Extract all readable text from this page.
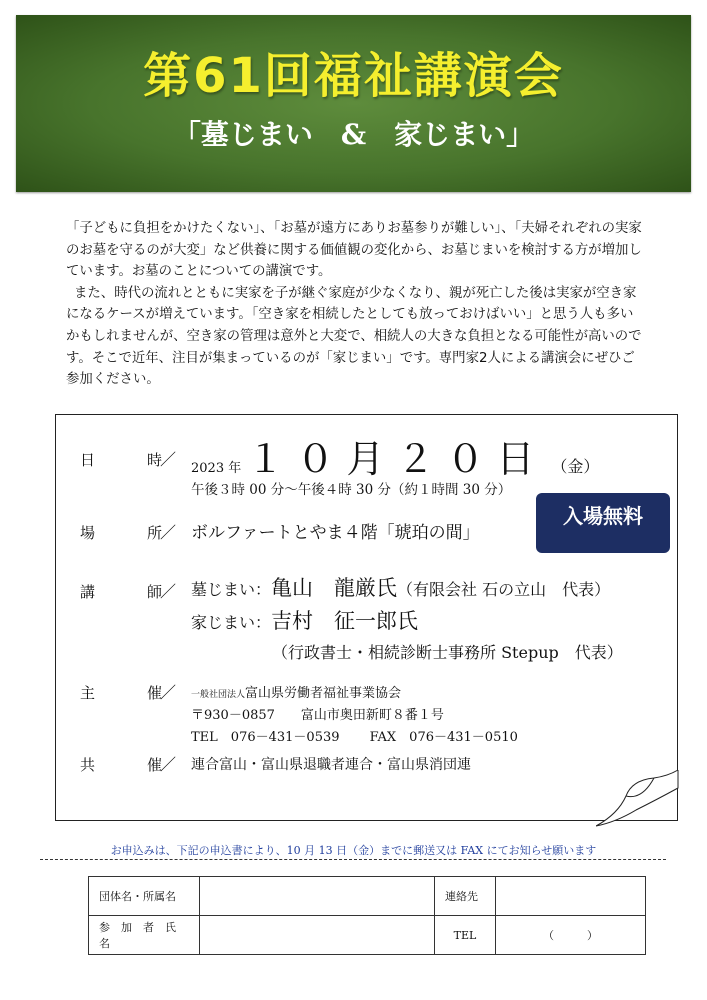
第61回福祉講演会
「墓じまい　&　家じまい」

「子どもに負担をかけたくない」、「お墓が遠方にありお墓参りが難しい」、「夫婦それぞれの実家のお墓を守るのが大変」など供養に関する価値観の変化から、お墓じまいを検討する方が増加しています。お墓のことについての講演です。

また、時代の流れとともに実家を子が継ぐ家庭が少なくなり、親が死亡した後は実家が空き家になるケースが増えています。「空き家を相続したとしても放っておけばいい」と思う人も多いかもしれませんが、空き家の管理は意外と大変で、相続人の大きな負担となる可能性が高いのです。そこで近年、注目が集まっているのが「家じまい」です。専門家2人による講演会にぜひご参加ください。

日	時
／ 2023 年 １０月２０日 （金）
午後３時 00 分～午後４時 30 分（約１時間 30 分）
場	所
／ ボルファートとやま４階「琥珀の間」
入場無料
講	師
／ 墓じまい：亀山　龍厳氏（有限会社 石の立山　代表）
家じまい：吉村　征一郎氏
（行政書士・相続診断士事務所 Stepup　代表）
主	催
／ 一般社団法人富山県労働者福祉事業協会
〒930－0857　　富山市奥田新町８番１号
TEL　076－431－0539　　 FAX　076－431－0510
共	催
／ 連合富山・富山県退職者連合・富山県消団連
お申込みは、下記の申込書により、10 月 13 日（金）までに郵送又は FAX にてお知らせ願います
団体名・所属名		連絡先	
参　加　者　氏　名		TEL	（　　　）
